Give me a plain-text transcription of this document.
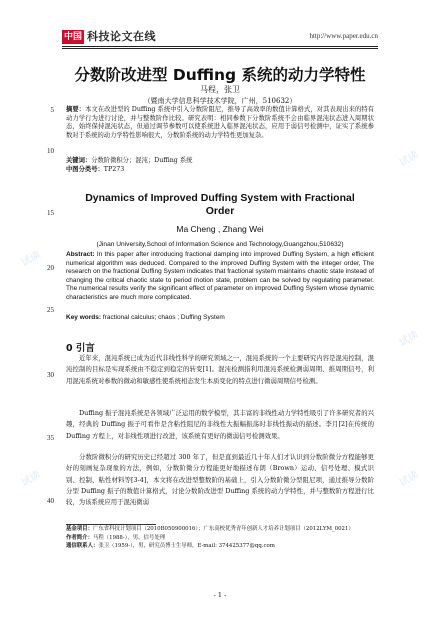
中国 科技论文在线	http://www.paper.edu.cn
5
10
15
20
25
30
35
40
分数阶改进型 Duffing 系统的动力学特性
马程，张卫
（暨南大学信息科学技术学院，广州，510632）
摘要：本文在改进型的 Duffing 系统中引入分数阶阻尼，推导了高效率的数值计算格式，对其表现出来的特有动力学行为进行讨论，并与整数阶作比较。研究表明：相同参数下分数阶系统不会由临界混沌状态进入周期状态，始终保持混沌状态，但通过调节参数可以使系统进入临界混沌状态，应用于弱信号检测中，证实了系统参数对于系统的动力学特性影响很大，分数阶系统的动力学特性更加复杂。
关键词：分数阶微积分；混沌；Duffing 系统
中图分类号：TP273
Dynamics of Improved Duffing System with Fractional
Order
Ma Cheng , Zhang Wei
(Jinan University,School of Information Science and Technology,Guangzhou,510632)
Abstract: In this paper after introducing fractional damping into improved Duffing System, a high efficient numerical algorithm was deduced. Compared to the improved Duffing System with the integer order, The research on the fractional Duffing System indicates that fractional system maintains chaotic state instead of changing the critical chaotic state to period motion state, problem can be solved by regulating parameter. The numerical results verify the significant effect of parameter on improved Duffing System whose dynamic characteristics are much more complicated.
Key words: fractional calculus; chaos ; Duffing System
0 引言
近年来，混沌系统已成为近代非线性科学的研究领域之一，混沌系统的一个主要研究内容是混沌控制，混沌控制的目标是实现系统由不稳定到稳定的转变[1]。混沌检测指利用混沌系统检测弱周期、推周期信号，利用混沌系统对参数的微动和敏感性使系统相态发生本质变化的特点进行微弱周期信号检测。
Duffing 振子混沌系统是各领域广泛运用的数学模型，其丰富的非线性动力学特性吸引了许多研究者的兴趣，经典的 Duffing 振子可看作是含粘性阻尼的非线性大振幅振荡时非线性振动的描述。李月[2]在传统的 Duffing 方程上，对非线性项进行改进，该系统有更好的微弱信号检测效果。
分数阶微积分的研究历史已经超过 300 年了，但是直到最近几十年人们才认识到分数阶微分方程能够更好的刻画复杂现象的方法，例如，分数阶微分方程能更好地描述布朗（Brown）运动、信号处理、模式识别、控制、粘性材料等[3-4]，本文将在改进型整数阶的基础上，引入分数阶微分型阻尼项，通过推导分数阶分型 Duffing 振子的数值计算格式，讨论分数阶改进型 Duffing 系统的动力学特性，并与整数阶方程进行比较，为该系统应用于混沌微弱
基金项目：广东省科技计划项目（2010B050900016）；广东高校优秀青年创新人才培养计划项目（2012LYM_0021）
作者简介：马程（1988-），男，信号处理
通信联系人：张卫（1959-），男，研究员博士生导师，E-mail: 374425377@qq.com
- 1 -
试读
试读
试读
试读
试读
